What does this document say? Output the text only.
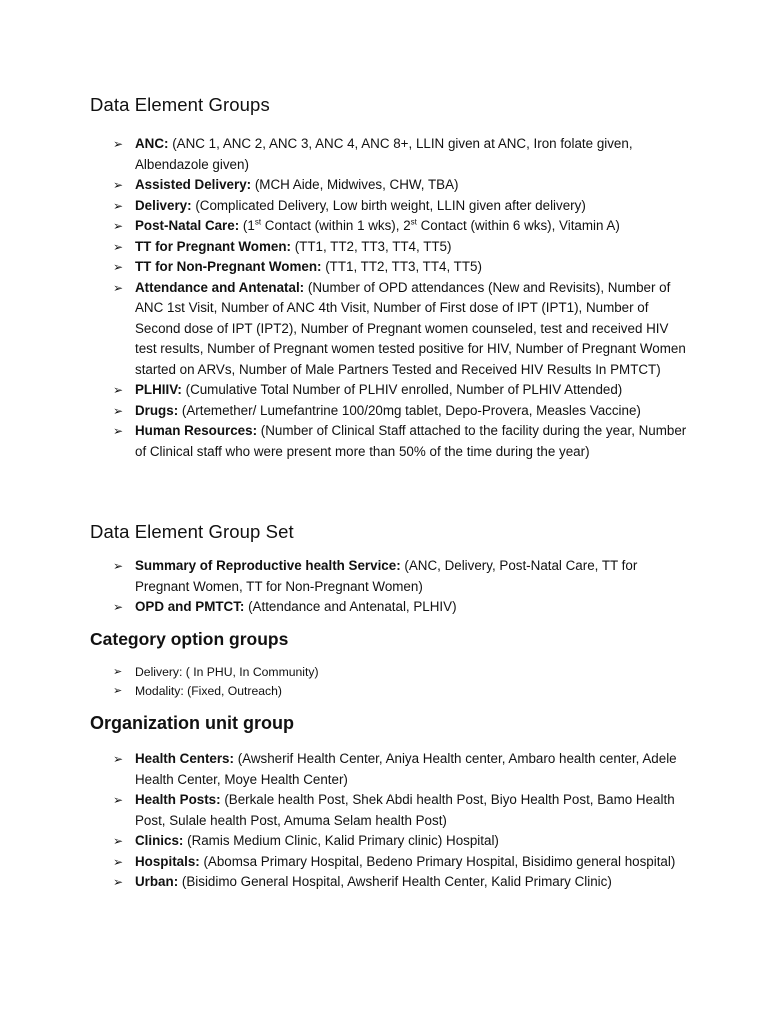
Data Element Groups
➢ ANC: (ANC 1, ANC 2, ANC 3, ANC 4, ANC 8+, LLIN given at ANC, Iron folate given, Albendazole given)
➢ Assisted Delivery: (MCH Aide, Midwives, CHW, TBA)
➢ Delivery: (Complicated Delivery, Low birth weight, LLIN given after delivery)
➢ Post-Natal Care: (1st Contact (within 1 wks), 2st Contact (within 6 wks), Vitamin A)
➢ TT for Pregnant Women: (TT1, TT2, TT3, TT4, TT5)
➢ TT for Non-Pregnant Women: (TT1, TT2, TT3, TT4, TT5)
➢ Attendance and Antenatal: (Number of OPD attendances (New and Revisits), Number of ANC 1st Visit, Number of ANC 4th Visit, Number of First dose of IPT (IPT1), Number of Second dose of IPT (IPT2), Number of Pregnant women counseled, test and received HIV test results, Number of Pregnant women tested positive for HIV, Number of Pregnant Women started on ARVs, Number of Male Partners Tested and Received HIV Results In PMTCT)
➢ PLHIIV: (Cumulative Total Number of PLHIV enrolled, Number of PLHIV Attended)
➢ Drugs: (Artemether/ Lumefantrine 100/20mg tablet, Depo-Provera, Measles Vaccine)
➢ Human Resources: (Number of Clinical Staff attached to the facility during the year, Number of Clinical staff who were present more than 50% of the time during the year)
Data Element Group Set
➢ Summary of Reproductive health Service: (ANC, Delivery, Post-Natal Care, TT for Pregnant Women, TT for Non-Pregnant Women)
➢ OPD and PMTCT: (Attendance and Antenatal, PLHIV)
Category option groups
➢ Delivery: ( In PHU, In Community)
➢ Modality: (Fixed, Outreach)
Organization unit group
➢ Health Centers: (Awsherif Health Center, Aniya Health center, Ambaro health center, Adele Health Center, Moye Health Center)
➢ Health Posts: (Berkale health Post, Shek Abdi health Post, Biyo Health Post, Bamo Health Post, Sulale health Post, Amuma Selam health Post)
➢ Clinics: (Ramis Medium Clinic, Kalid Primary clinic) Hospital)
➢ Hospitals: (Abomsa Primary Hospital, Bedeno Primary Hospital, Bisidimo general hospital)
➢ Urban: (Bisidimo General Hospital, Awsherif Health Center, Kalid Primary Clinic)
